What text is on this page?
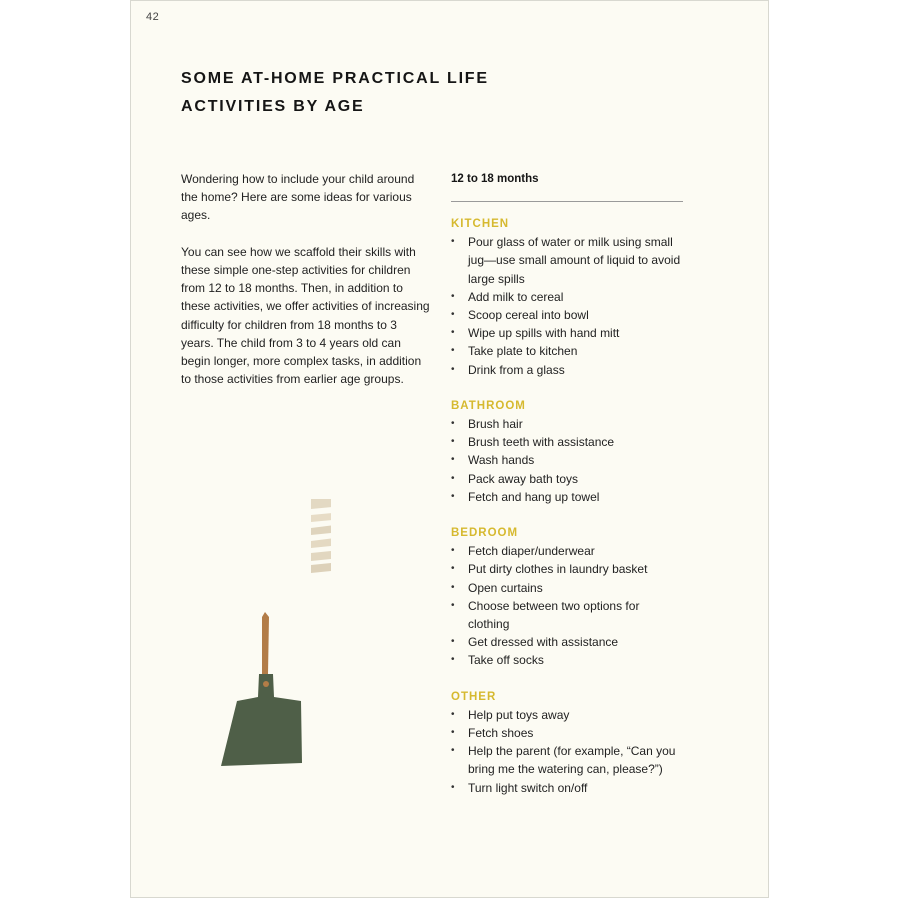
42
SOME AT-HOME PRACTICAL LIFE
ACTIVITIES BY AGE

Wondering how to include your child around the home? Here are some ideas for various ages.

You can see how we scaffold their skills with these simple one-step activities for children from 12 to 18 months. Then, in addition to these activities, we offer activities of increasing difficulty for children from 18 months to 3 years. The child from 3 to 4 years old can begin longer, more complex tasks, in addition to those activities from earlier age groups.

12 to 18 months
KITCHEN
• Pour glass of water or milk using small jug—use small amount of liquid to avoid large spills
• Add milk to cereal
• Scoop cereal into bowl
• Wipe up spills with hand mitt
• Take plate to kitchen
• Drink from a glass
BATHROOM
• Brush hair
• Brush teeth with assistance
• Wash hands
• Pack away bath toys
• Fetch and hang up towel
BEDROOM
• Fetch diaper/underwear
• Put dirty clothes in laundry basket
• Open curtains
• Choose between two options for clothing
• Get dressed with assistance
• Take off socks
OTHER
• Help put toys away
• Fetch shoes
• Help the parent (for example, “Can you bring me the watering can, please?”)
• Turn light switch on/off
